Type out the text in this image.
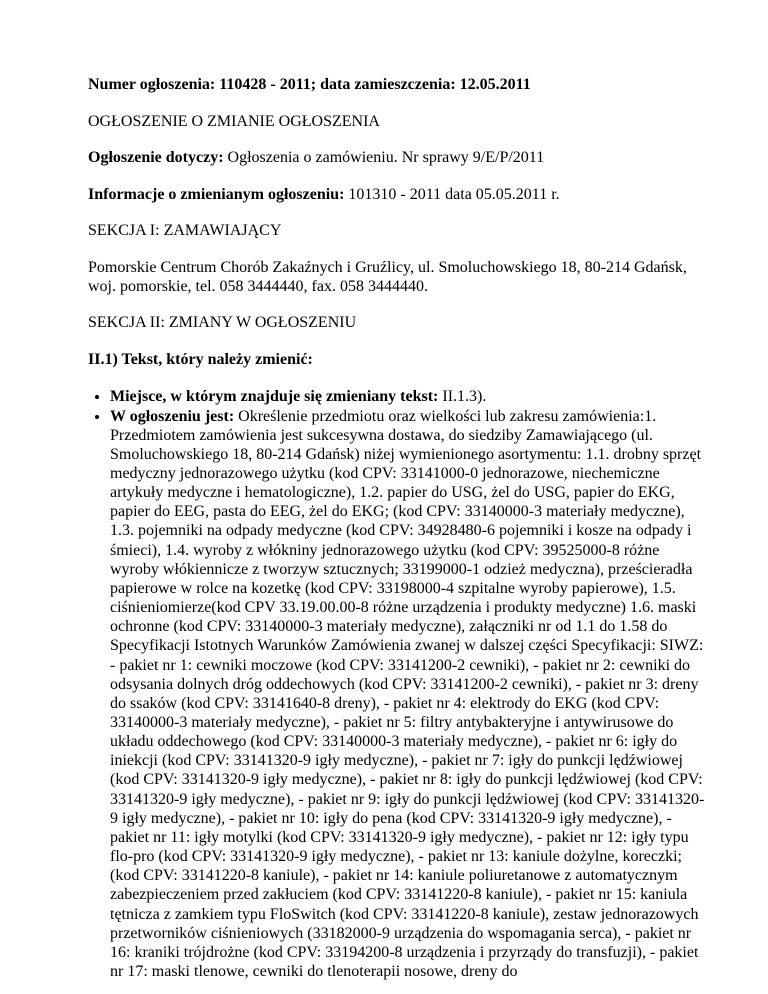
Numer ogłoszenia: 110428 - 2011; data zamieszczenia: 12.05.2011

OGŁOSZENIE O ZMIANIE OGŁOSZENIA

Ogłoszenie dotyczy: Ogłoszenia o zamówieniu. Nr sprawy 9/E/P/2011

Informacje o zmienianym ogłoszeniu: 101310 - 2011 data 05.05.2011 r.

SEKCJA I: ZAMAWIAJĄCY

Pomorskie Centrum Chorób Zakaźnych i Gruźlicy, ul. Smoluchowskiego 18, 80-214 Gdańsk, woj. pomorskie, tel. 058 3444440, fax. 058 3444440.

SEKCJA II: ZMIANY W OGŁOSZENIU

II.1) Tekst, który należy zmienić:

• Miejsce, w którym znajduje się zmieniany tekst: II.1.3).
• W ogłoszeniu jest: Określenie przedmiotu oraz wielkości lub zakresu zamówienia:1. Przedmiotem zamówienia jest sukcesywna dostawa, do siedziby Zamawiającego (ul. Smoluchowskiego 18, 80-214 Gdańsk) niżej wymienionego asortymentu: 1.1. drobny sprzęt medyczny jednorazowego użytku (kod CPV: 33141000-0 jednorazowe, niechemiczne artykuły medyczne i hematologiczne), 1.2. papier do USG, żel do USG, papier do EKG, papier do EEG, pasta do EEG, żel do EKG; (kod CPV: 33140000-3 materiały medyczne), 1.3. pojemniki na odpady medyczne (kod CPV: 34928480-6 pojemniki i kosze na odpady i śmieci), 1.4. wyroby z włókniny jednorazowego użytku (kod CPV: 39525000-8 różne wyroby włókiennicze z tworzyw sztucznych; 33199000-1 odzież medyczna), prześcieradła papierowe w rolce na kozetkę (kod CPV: 33198000-4 szpitalne wyroby papierowe), 1.5. ciśnieniomierze(kod CPV 33.19.00.00-8 różne urządzenia i produkty medyczne) 1.6. maski ochronne (kod CPV: 33140000-3 materiały medyczne), załączniki nr od 1.1 do 1.58 do Specyfikacji Istotnych Warunków Zamówienia zwanej w dalszej części Specyfikacji: SIWZ: - pakiet nr 1: cewniki moczowe (kod CPV: 33141200-2 cewniki), - pakiet nr 2: cewniki do odsysania dolnych dróg oddechowych (kod CPV: 33141200-2 cewniki), - pakiet nr 3: dreny do ssaków (kod CPV: 33141640-8 dreny), - pakiet nr 4: elektrody do EKG (kod CPV: 33140000-3 materiały medyczne), - pakiet nr 5: filtry antybakteryjne i antywirusowe do układu oddechowego (kod CPV: 33140000-3 materiały medyczne), - pakiet nr 6: igły do iniekcji (kod CPV: 33141320-9 igły medyczne), - pakiet nr 7: igły do punkcji lędźwiowej (kod CPV: 33141320-9 igły medyczne), - pakiet nr 8: igły do punkcji lędźwiowej (kod CPV: 33141320-9 igły medyczne), - pakiet nr 9: igły do punkcji lędźwiowej (kod CPV: 33141320-9 igły medyczne), - pakiet nr 10: igły do pena (kod CPV: 33141320-9 igły medyczne), - pakiet nr 11: igły motylki (kod CPV: 33141320-9 igły medyczne), - pakiet nr 12: igły typu flo-pro (kod CPV: 33141320-9 igły medyczne), - pakiet nr 13: kaniule dożylne, koreczki; (kod CPV: 33141220-8 kaniule), - pakiet nr 14: kaniule poliuretanowe z automatycznym zabezpieczeniem przed zakłuciem (kod CPV: 33141220-8 kaniule), - pakiet nr 15: kaniula tętnicza z zamkiem typu FloSwitch (kod CPV: 33141220-8 kaniule), zestaw jednorazowych przetworników ciśnieniowych (33182000-9 urządzenia do wspomagania serca), - pakiet nr 16: kraniki trójdrożne (kod CPV: 33194200-8 urządzenia i przyrządy do transfuzji), - pakiet nr 17: maski tlenowe, cewniki do tlenoterapii nosowe, dreny do
